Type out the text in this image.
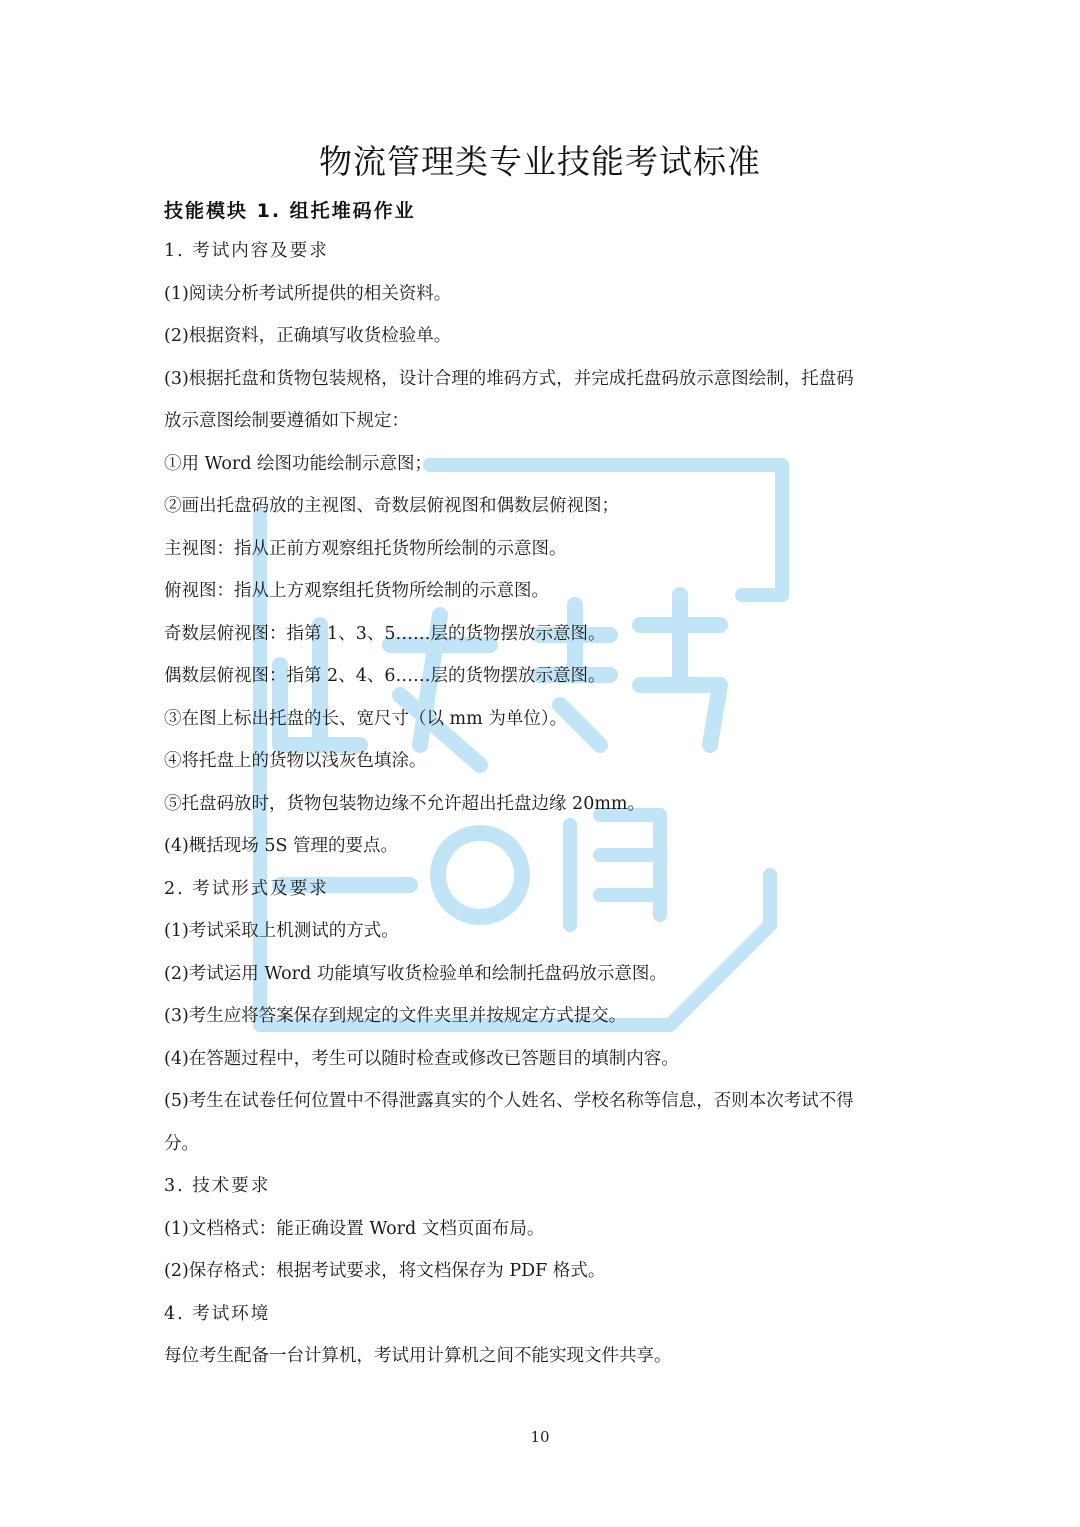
物流管理类专业技能考试标准
技能模块 1. 组托堆码作业
1. 考试内容及要求
(1)阅读分析考试所提供的相关资料。
(2)根据资料，正确填写收货检验单。
(3)根据托盘和货物包装规格，设计合理的堆码方式，并完成托盘码放示意图绘制，托盘码
放示意图绘制要遵循如下规定：
①用 Word 绘图功能绘制示意图；
②画出托盘码放的主视图、奇数层俯视图和偶数层俯视图；
主视图：指从正前方观察组托货物所绘制的示意图。
俯视图：指从上方观察组托货物所绘制的示意图。
奇数层俯视图：指第 1、3、5……层的货物摆放示意图。
偶数层俯视图：指第 2、4、6……层的货物摆放示意图。
③在图上标出托盘的长、宽尺寸（以 mm 为单位）。
④将托盘上的货物以浅灰色填涂。
⑤托盘码放时，货物包装物边缘不允许超出托盘边缘 20mm。
(4)概括现场 5S 管理的要点。
2. 考试形式及要求
(1)考试采取上机测试的方式。
(2)考试运用 Word 功能填写收货检验单和绘制托盘码放示意图。
(3)考生应将答案保存到规定的文件夹里并按规定方式提交。
(4)在答题过程中，考生可以随时检查或修改已答题目的填制内容。
(5)考生在试卷任何位置中不得泄露真实的个人姓名、学校名称等信息，否则本次考试不得
分。
3. 技术要求
(1)文档格式：能正确设置 Word 文档页面布局。
(2)保存格式：根据考试要求，将文档保存为 PDF 格式。
4. 考试环境
每位考生配备一台计算机，考试用计算机之间不能实现文件共享。
10
